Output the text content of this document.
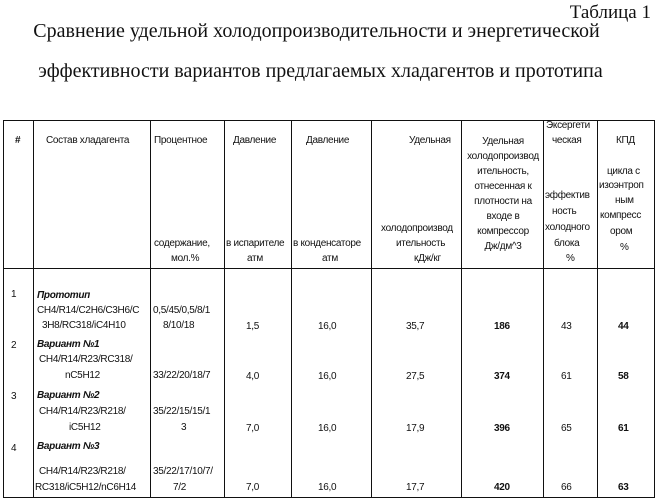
Таблица 1
Сравнение удельной холодопроизводительности и энергетической
эффективности вариантов предлагаемых хладагентов и прототипа
#	Состав хладагента	Процентное
содержание,
мол.%

Давление
в испарителе
атм

Давление
в конденсаторе
атм

Удельная
холодопроизвод
ительность
кДж/кг

Удельная
холодопроизвод
ительность,
отнесенная к
плотности на
входе в
компрессор
Дж/дм^3

Эксергети
ческая
эффектив
ность
холодного
блока
%

КПД
цикла с
изоэнтроп
ным
компресс
ором
%

1
2
3
4

Прототип
CH4/R14/C2H6/C3H6/C
3H8/RC318/iC4H10
Вариант №1
CH4/R14/R23/RC318/
nC5H12
Вариант №2
CH4/R14/R23/R218/
iC5H12
Вариант №3
CH4/R14/R23/R218/
RC318/iC5H12/nC6H14

0,5/45/0,5/8/1
8/10/18
33/22/20/18/7
35/22/15/15/1
3
35/22/17/10/7/
7/2

1,5
4,0
7,0
7,0

16,0
16,0
16,0
16,0

35,7
27,5
17,9
17,7

186
374
396
420

43
61
65
66

44
58
61
63
